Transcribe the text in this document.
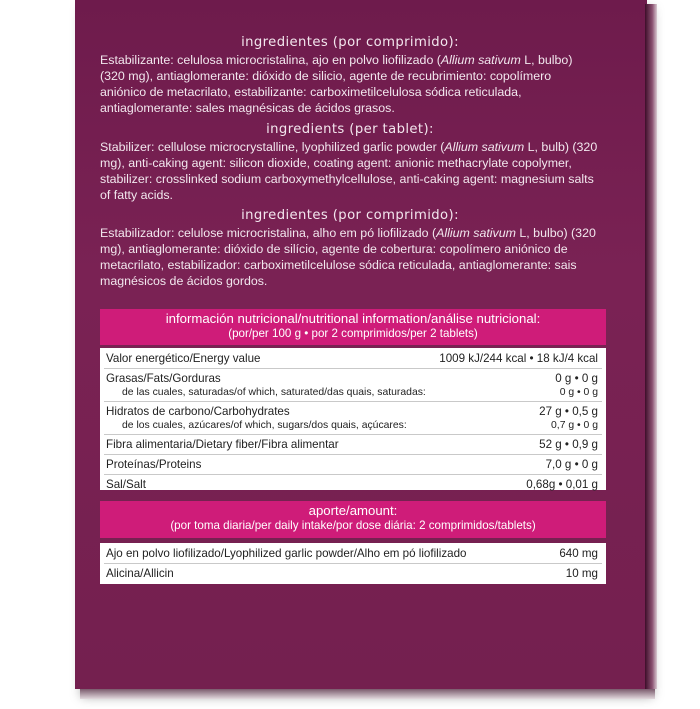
ingredientes (por comprimido):

Estabilizante: celulosa microcristalina, ajo en polvo liofilizado (Allium sativum L, bulbo) (320 mg), antiaglomerante: dióxido de silicio, agente de recubrimiento: copolímero aniónico de metacrilato, estabilizante: carboximetilcelulosa sódica reticulada, antiaglomerante: sales magnésicas de ácidos grasos.

ingredients (per tablet):

Stabilizer: cellulose microcrystalline, lyophilized garlic powder (Allium sativum L, bulb) (320 mg), anti-caking agent: silicon dioxide, coating agent: anionic methacrylate copolymer, stabilizer: crosslinked sodium carboxymethylcellulose, anti-caking agent: magnesium salts of fatty acids.

ingredientes (por comprimido):

Estabilizador: celulose microcristalina, alho em pó liofilizado (Allium sativum L, bulbo) (320 mg), antiaglomerante: dióxido de silício, agente de cobertura: copolímero aniónico de metacrilato, estabilizador: carboximetilcelulose sódica reticulada, antiaglomerante: sais magnésicos de ácidos gordos.

información nutricional/nutritional information/análise nutricional:
(por/per 100 g • por 2 comprimidos/per 2 tablets)
Valor energético/Energy value	1009 kJ/244 kcal • 18 kJ/4 kcal
Grasas/Fats/Gorduras	0 g • 0 g
de las cuales, saturadas/of which, saturated/das quais, saturadas:	0 g • 0 g
Hidratos de carbono/Carbohydrates	27 g • 0,5 g
de los cuales, azúcares/of which, sugars/dos quais, açúcares:	0,7 g • 0 g
Fibra alimentaria/Dietary fiber/Fibra alimentar	52 g • 0,9 g
Proteínas/Proteins	7,0 g • 0 g
Sal/Salt	0,68g • 0,01 g
aporte/amount:
(por toma diaria/per daily intake/por dose diária: 2 comprimidos/tablets)
Ajo en polvo liofilizado/Lyophilized garlic powder/Alho em pó liofilizado	640 mg
Alicina/Allicin	10 mg
